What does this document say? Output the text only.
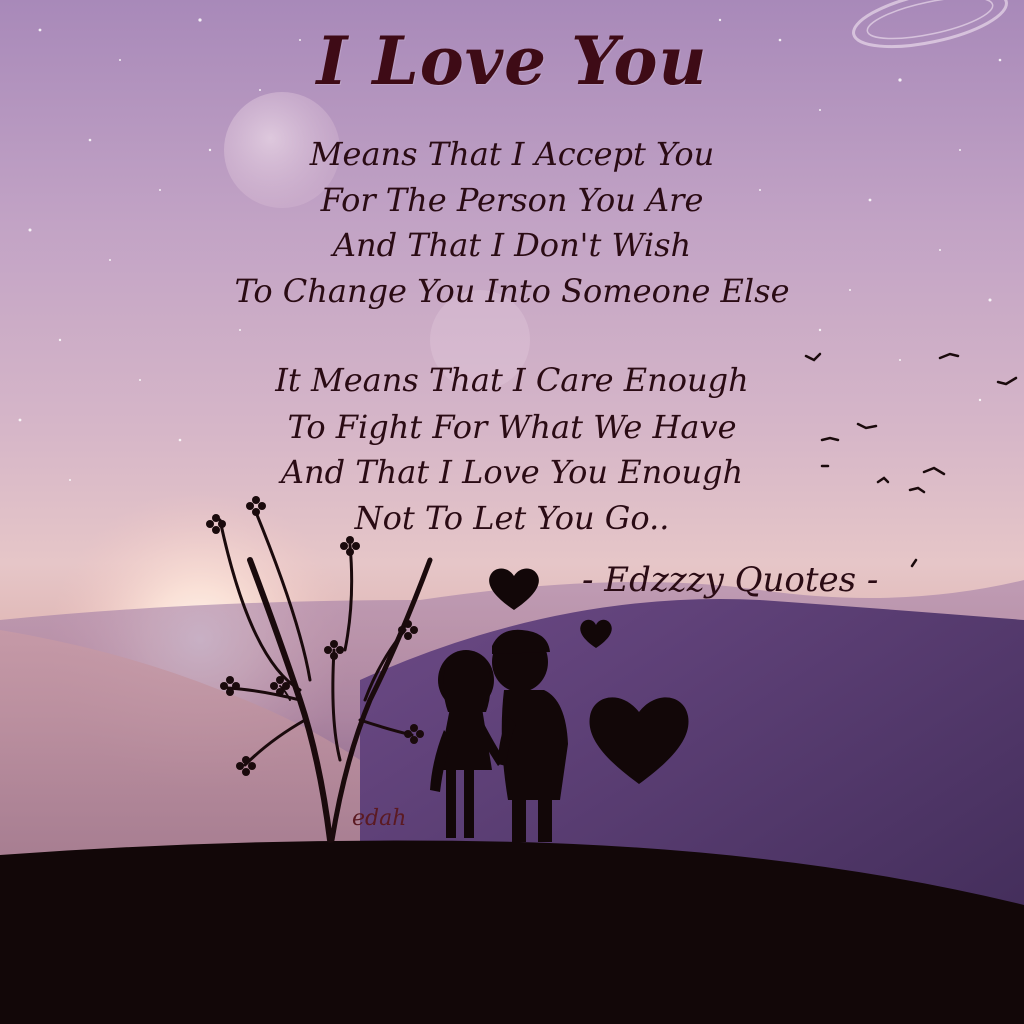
I Love You
Means That I Accept You
For The Person You Are
And That I Don't Wish
To Change You Into Someone Else
It Means That I Care Enough
To Fight For What We Have
And That I Love You Enough
Not To Let You Go..
- Edzzzy Quotes -
edah
